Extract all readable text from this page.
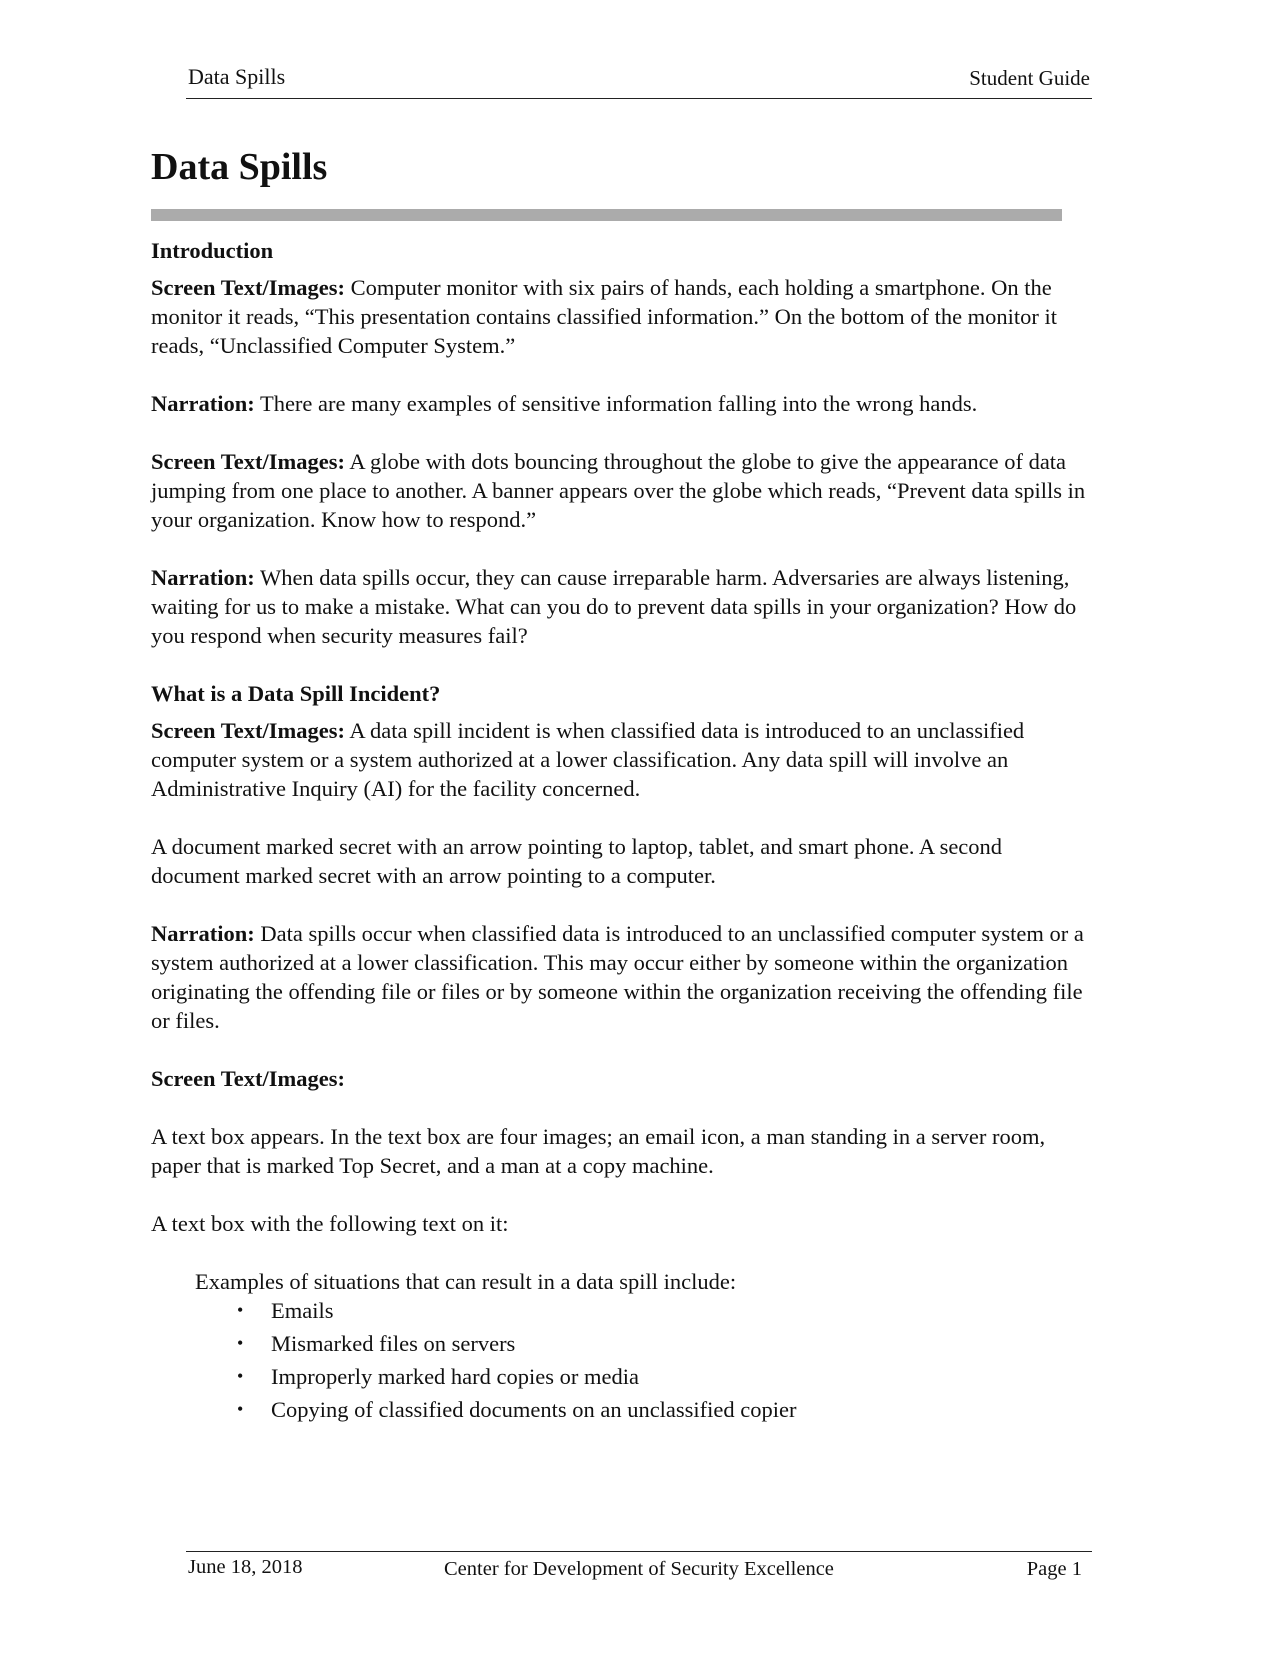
Data Spills	Student Guide
Data Spills
Introduction

Screen Text/Images: Computer monitor with six pairs of hands, each holding a smartphone. On the monitor it reads, “This presentation contains classified information.” On the bottom of the monitor it reads, “Unclassified Computer System.”

Narration: There are many examples of sensitive information falling into the wrong hands.

Screen Text/Images: A globe with dots bouncing throughout the globe to give the appearance of data jumping from one place to another. A banner appears over the globe which reads, “Prevent data spills in your organization. Know how to respond.”

Narration: When data spills occur, they can cause irreparable harm. Adversaries are always listening, waiting for us to make a mistake. What can you do to prevent data spills in your organization? How do you respond when security measures fail?

What is a Data Spill Incident?

Screen Text/Images: A data spill incident is when classified data is introduced to an unclassified computer system or a system authorized at a lower classification. Any data spill will involve an Administrative Inquiry (AI) for the facility concerned.

A document marked secret with an arrow pointing to laptop, tablet, and smart phone. A second document marked secret with an arrow pointing to a computer.

Narration: Data spills occur when classified data is introduced to an unclassified computer system or a system authorized at a lower classification. This may occur either by someone within the organization originating the offending file or files or by someone within the organization receiving the offending file or files.

Screen Text/Images:

A text box appears. In the text box are four images; an email icon, a man standing in a server room, paper that is marked Top Secret, and a man at a copy machine.

A text box with the following text on it:

Examples of situations that can result in a data spill include:

• Emails
• Mismarked files on servers
• Improperly marked hard copies or media
• Copying of classified documents on an unclassified copier
June 18, 2018	Center for Development of Security Excellence	Page 1
